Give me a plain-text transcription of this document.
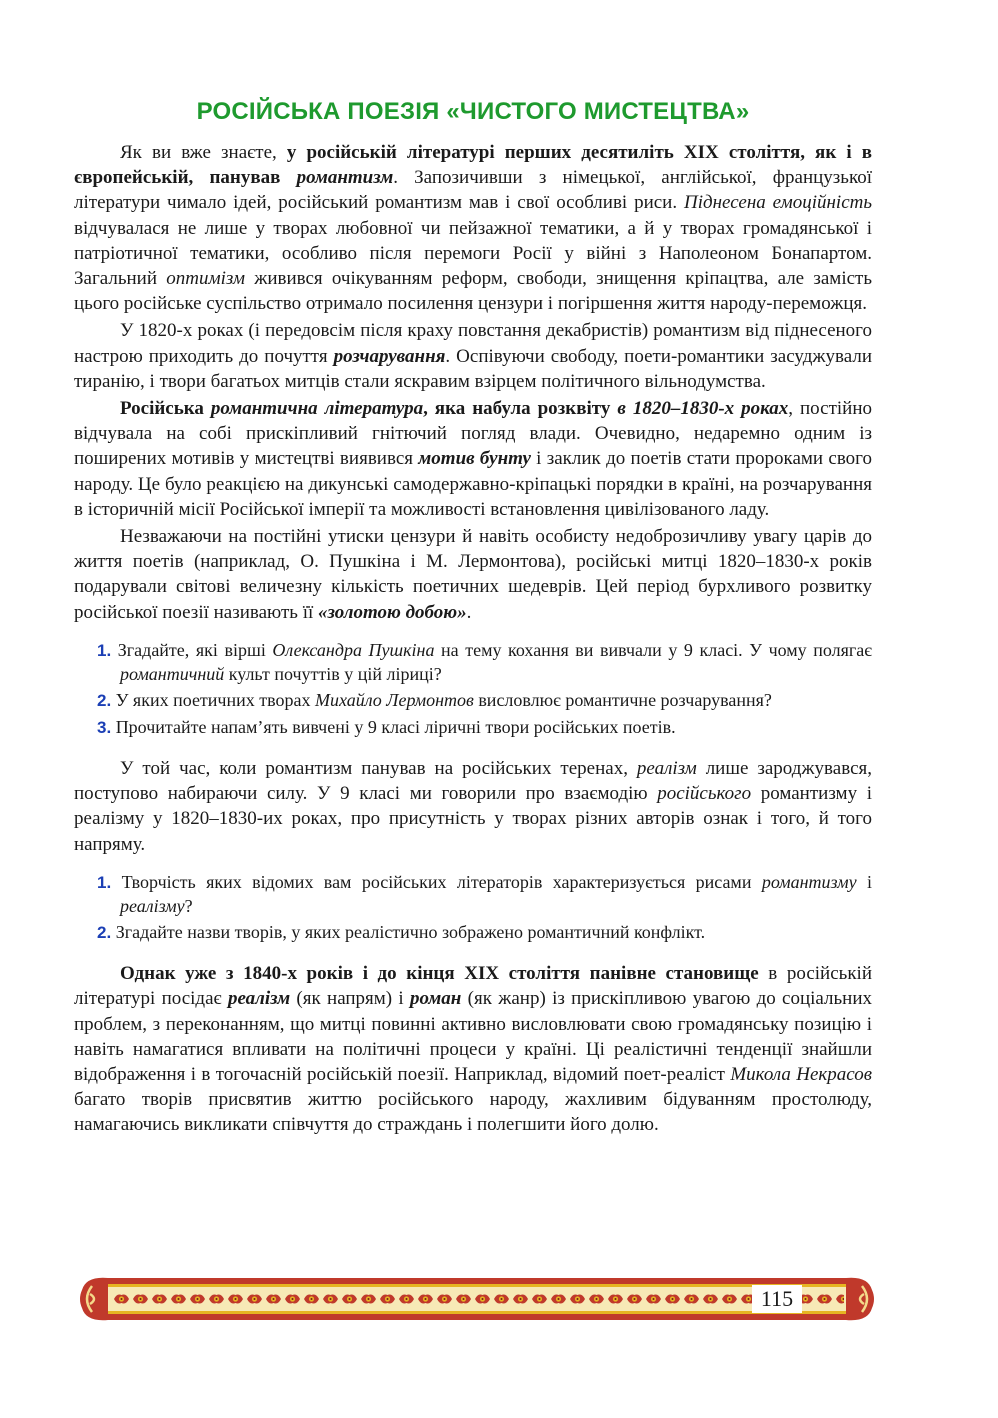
РОСІЙСЬКА ПОЕЗІЯ «ЧИСТОГО МИСТЕЦТВА»

Як ви вже знаєте, у російській літературі перших десятиліть XIX століття, як і в європейській, панував романтизм. Запозичивши з німецької, англійської, французької літератури чимало ідей, російський романтизм мав і свої особливі риси. Піднесена емоційність відчувалася не лише у творах любовної чи пейзажної тематики, а й у творах громадянської і патріотичної тематики, особливо після перемоги Росії у війні з Наполеоном Бонапартом. Загальний оптимізм живився очікуванням реформ, свободи, знищення кріпацтва, але замість цього російське суспільство отримало посилення цензури і погіршення життя народу-переможця.

У 1820-х роках (і передовсім після краху повстання декабристів) романтизм від піднесеного настрою приходить до почуття розчарування. Оспівуючи свободу, поети-романтики засуджували тиранію, і твори багатьох митців стали яскравим взірцем політичного вільнодумства.

Російська романтична література, яка набула розквіту в 1820–1830-х роках, постійно відчувала на собі прискіпливий гнітючий погляд влади. Очевидно, недаремно одним із поширених мотивів у мистецтві виявився мотив бунту і заклик до поетів стати пророками свого народу. Це було реакцією на дикунські самодержавно-кріпацькі порядки в країні, на розчарування в історичній місії Російської імперії та можливості встановлення цивілізованого ладу.

Незважаючи на постійні утиски цензури й навіть особисту недоброзичливу увагу царів до життя поетів (наприклад, О. Пушкіна і М. Лермонтова), російські митці 1820–1830-х років подарували світові величезну кількість поетичних шедеврів. Цей період бурхливого розвитку російської поезії називають її «золотою добою».

1. Згадайте, які вірші Олександра Пушкіна на тему кохання ви вивчали у 9 класі. У чому полягає романтичний культ почуттів у цій ліриці?
2. У яких поетичних творах Михайло Лермонтов висловлює романтичне розчарування?
3. Прочитайте напам’ять вивчені у 9 класі ліричні твори російських поетів.

У той час, коли романтизм панував на російських теренах, реалізм лише зароджувався, поступово набираючи силу. У 9 класі ми говорили про взаємодію російського романтизму і реалізму у 1820–1830-их роках, про присутність у творах різних авторів ознак і того, й того напряму.

1. Творчість яких відомих вам російських літераторів характеризується рисами романтизму і реалізму?
2. Згадайте назви творів, у яких реалістично зображено романтичний конфлікт.

Однак уже з 1840-х років і до кінця XIX століття панівне становище в російській літературі посідає реалізм (як напрям) і роман (як жанр) із прискіпливою увагою до соціальних проблем, з переконанням, що митці повинні активно висловлювати свою громадянську позицію і навіть намагатися впливати на політичні процеси у країні. Ці реалістичні тенденції знайшли відображення і в тогочасній російській поезії. Наприклад, відомий поет-реаліст Микола Некрасов багато творів присвятив життю російського народу, жахливим бідуванням простолюду, намагаючись викликати співчуття до страждань і полегшити його долю.

115
